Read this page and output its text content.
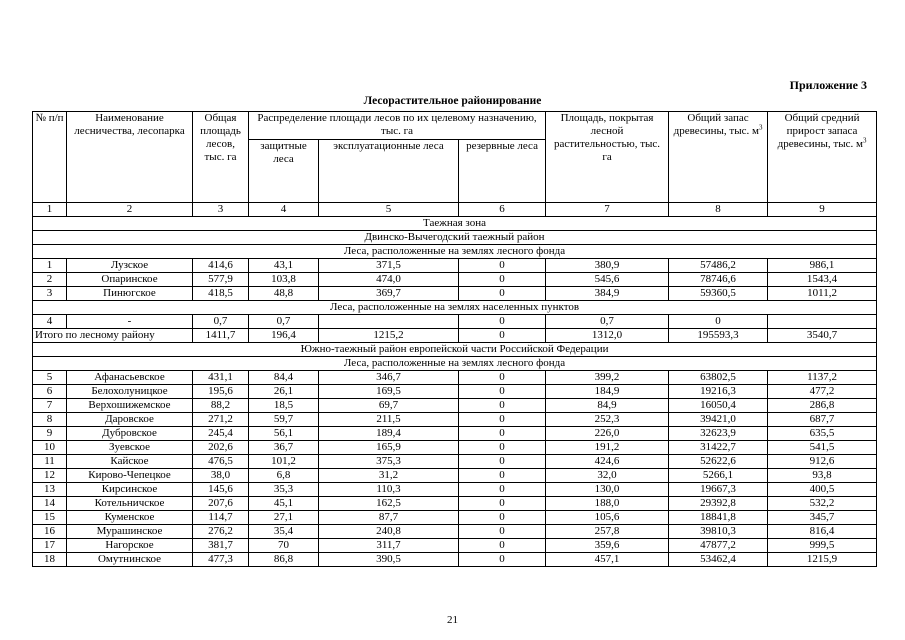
Приложение 3
Лесорастительное районирование
№ п/п	Наименование лесничества, лесопарка	Общая площадь лесов, тыс. га	Распределение площади лесов по их целевому назначению, тыс. га			Площадь, покрытая лесной растительностью, тыс. га	Общий запас древесины, тыс. $м^3$	Общий средний прирост запаса древесины, тыс. $м^3$
			защитные леса	эксплуатационные леса	резервные леса			
1	2	3	4	5	6	7	8	9
Таежная зона								
Двинско-Вычегодский таежный район								
Леса, расположенные на землях лесного фонда								
1	Лузское	414,6	43,1	371,5	0	380,9	57486,2	986,1
2	Опаринское	577,9	103,8	474,0	0	545,6	78746,6	1543,4
3	Пинюгское	418,5	48,8	369,7	0	384,9	59360,5	1011,2
Леса, расположенные на землях населенных пунктов								
4	-	0,7	0,7		0	0,7	0	
Итого по лесному району		1411,7	196,4	1215,2	0	1312,0	195593,3	3540,7
Южно-таежный район европейской части Российской Федерации								
Леса, расположенные на землях лесного фонда								
5	Афанасьевское	431,1	84,4	346,7	0	399,2	63802,5	1137,2
6	Белохолуницкое	195,6	26,1	169,5	0	184,9	19216,3	477,2
7	Верхошижемское	88,2	18,5	69,7	0	84,9	16050,4	286,8
8	Даровское	271,2	59,7	211,5	0	252,3	39421,0	687,7
9	Дубровское	245,4	56,1	189,4	0	226,0	32623,9	635,5
10	Зуевское	202,6	36,7	165,9	0	191,2	31422,7	541,5
11	Кайское	476,5	101,2	375,3	0	424,6	52622,6	912,6
12	Кирово-Чепецкое	38,0	6,8	31,2	0	32,0	5266,1	93,8
13	Кирсинское	145,6	35,3	110,3	0	130,0	19667,3	400,5
14	Котельничское	207,6	45,1	162,5	0	188,0	29392,8	532,2
15	Куменское	114,7	27,1	87,7	0	105,6	18841,8	345,7
16	Мурашинское	276,2	35,4	240,8	0	257,8	39810,3	816,4
17	Нагорское	381,7	70	311,7	0	359,6	47877,2	999,5
18	Омутнинское	477,3	86,8	390,5	0	457,1	53462,4	1215,9
21
